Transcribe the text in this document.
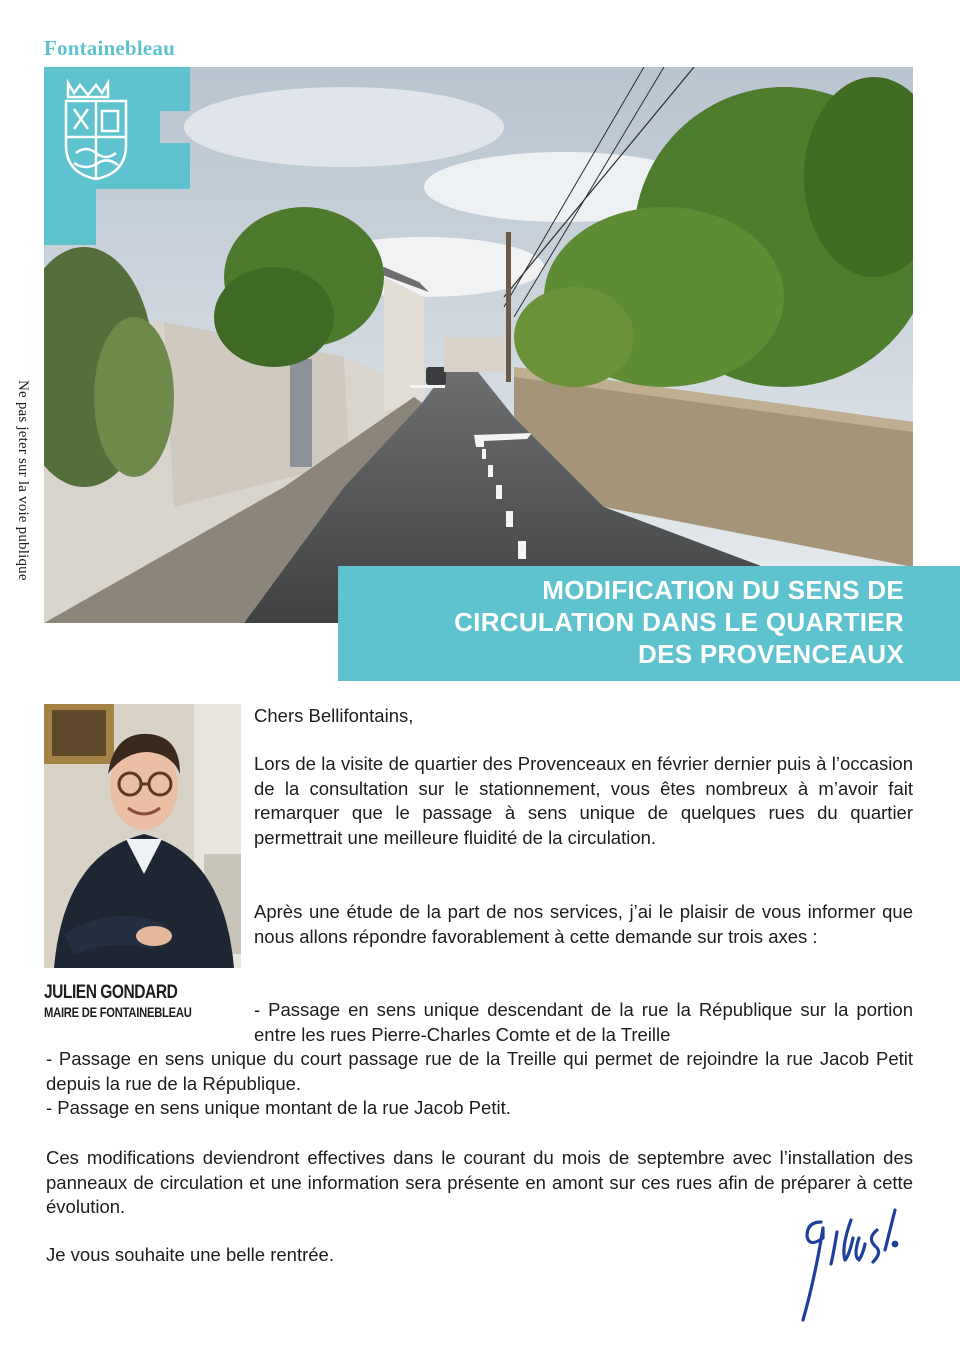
Fontainebleau
Ne pas jeter sur la voie publique
MODIFICATION DU SENS DE
CIRCULATION DANS LE QUARTIER
DES PROVENCEAUX
JULIEN GONDARD
MAIRE DE FONTAINEBLEAU

Chers Bellifontains,

Lors de la visite de quartier des Provenceaux en février dernier puis à l’occasion de la consultation sur le stationnement, vous êtes nombreux à m’avoir fait remarquer que le passage à sens unique de quelques rues du quartier permettrait une meilleure fluidité de la circulation.

Après une étude de la part de nos services, j’ai le plaisir de vous informer que nous allons répondre favorablement à cette demande sur trois axes :

- Passage en sens unique descendant de la rue la République sur la portion entre les rues Pierre-Charles Comte et de la Treille

- Passage en sens unique du court passage rue de la Treille qui permet de rejoindre la rue Jacob Petit depuis la rue de la République.

- Passage en sens unique montant de la rue Jacob Petit.

Ces modifications deviendront effectives dans le courant du mois de septembre avec l’installation des panneaux de circulation et une information sera présente en amont sur ces rues afin de préparer à cette évolution.

Je vous souhaite une belle rentrée.
